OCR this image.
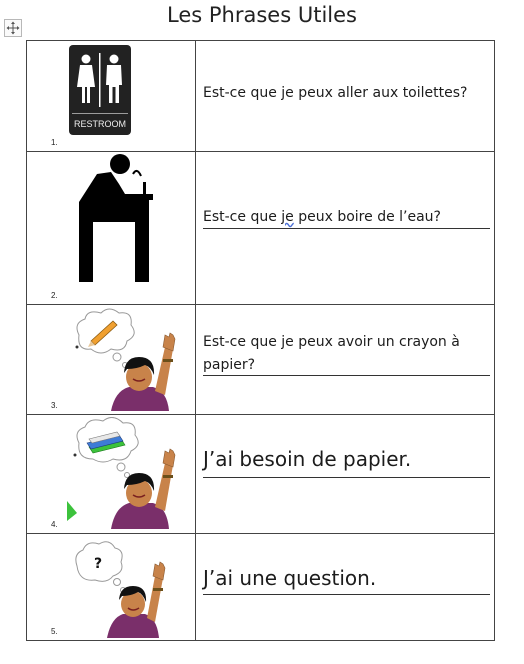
Les Phrases Utiles
RESTROOM
1.	Est-ce que je peux aller aux toilettes?

2.	Est-ce que je peux boire de l’eau?

3.	Est-ce que je peux avoir un crayon à papier?

4.	J’ai besoin de papier.

?
5.	J’ai une question.
